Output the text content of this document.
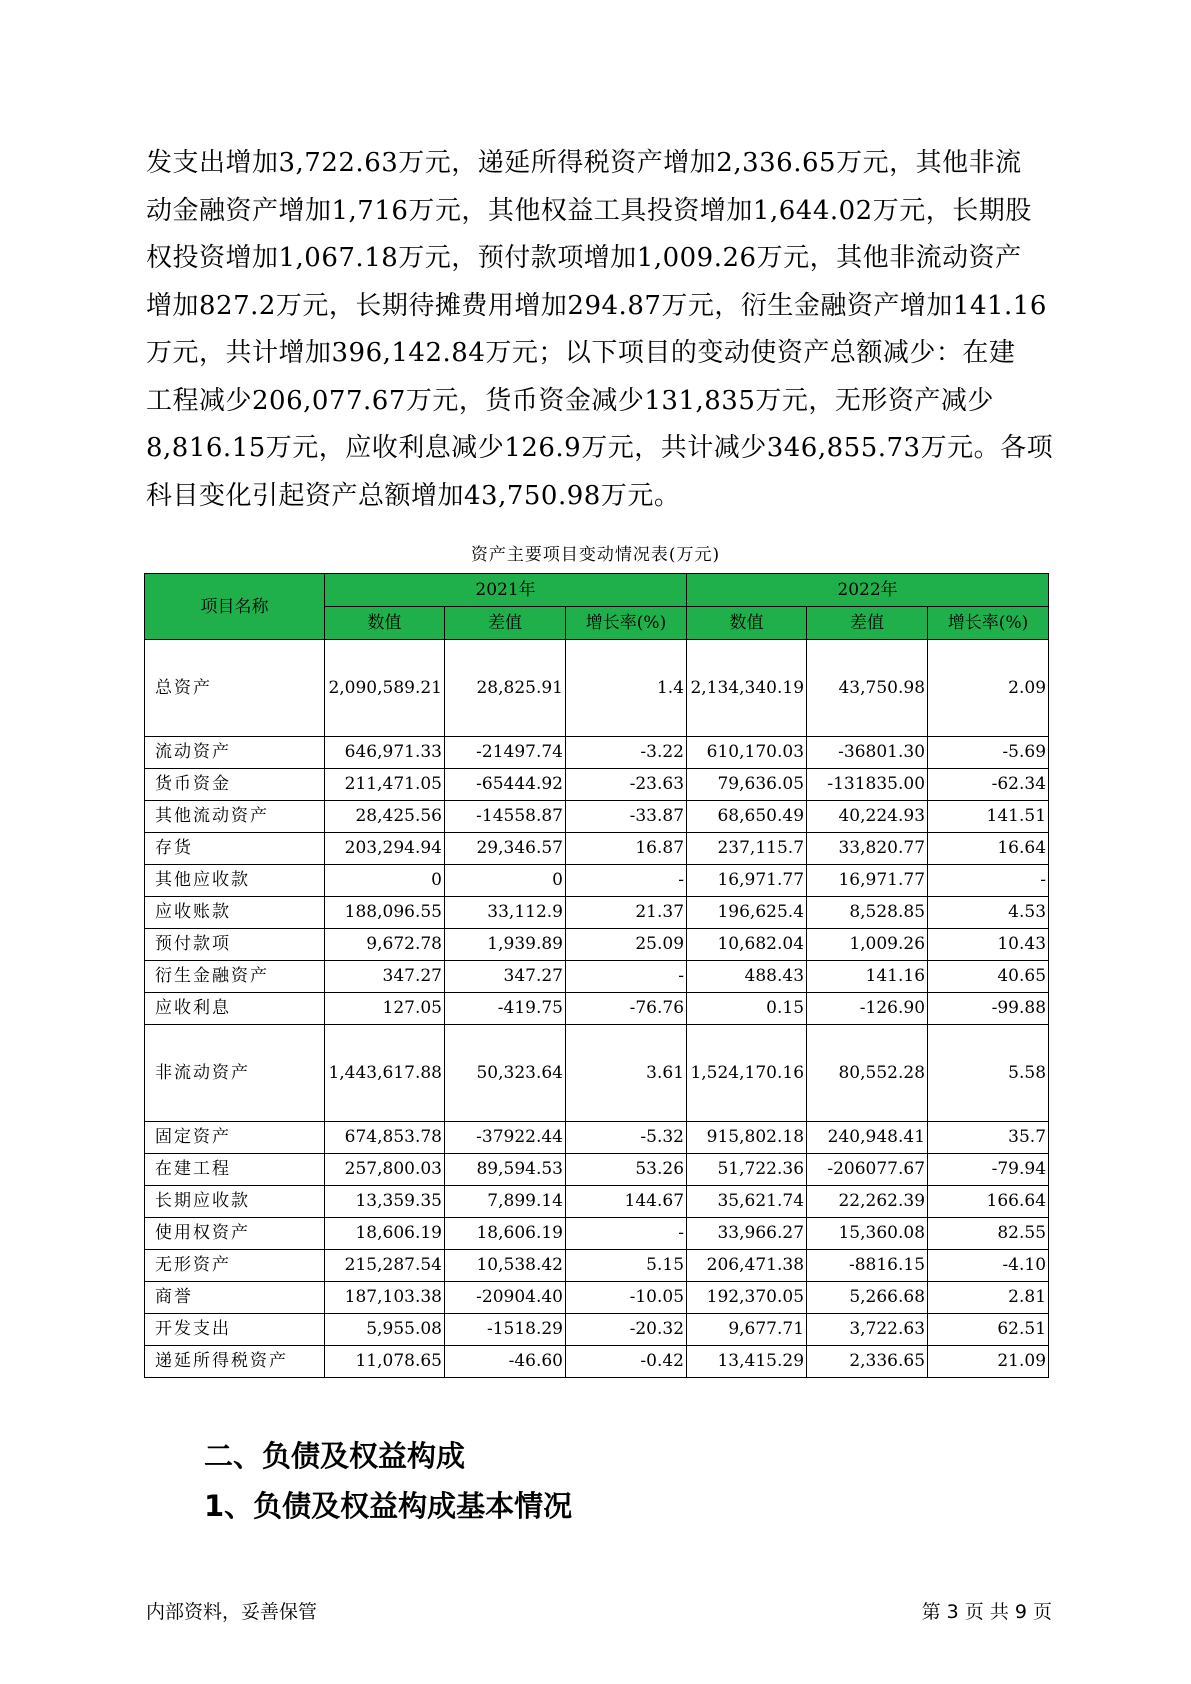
发支出增加3,722.63万元，递延所得税资产增加2,336.65万元，其他非流
动金融资产增加1,716万元，其他权益工具投资增加1,644.02万元，长期股
权投资增加1,067.18万元，预付款项增加1,009.26万元，其他非流动资产
增加827.2万元，长期待摊费用增加294.87万元，衍生金融资产增加141.16
万元，共计增加396,142.84万元；以下项目的变动使资产总额减少：在建
工程减少206,077.67万元，货币资金减少131,835万元，无形资产减少
8,816.15万元，应收利息减少126.9万元，共计减少346,855.73万元。各项
科目变化引起资产总额增加43,750.98万元。
资产主要项目变动情况表(万元)
项目名称	2021年			2022年		
	数值	差值	增长率(%)	数值	差值	增长率(%)
总资产	2,090,589.21	28,825.91	1.4	2,134,340.19	43,750.98	2.09
流动资产	646,971.33	-21497.74	-3.22	610,170.03	-36801.30	-5.69
货币资金	211,471.05	-65444.92	-23.63	79,636.05	-131835.00	-62.34
其他流动资产	28,425.56	-14558.87	-33.87	68,650.49	40,224.93	141.51
存货	203,294.94	29,346.57	16.87	237,115.7	33,820.77	16.64
其他应收款	0	0	-	16,971.77	16,971.77	-
应收账款	188,096.55	33,112.9	21.37	196,625.4	8,528.85	4.53
预付款项	9,672.78	1,939.89	25.09	10,682.04	1,009.26	10.43
衍生金融资产	347.27	347.27	-	488.43	141.16	40.65
应收利息	127.05	-419.75	-76.76	0.15	-126.90	-99.88
非流动资产	1,443,617.88	50,323.64	3.61	1,524,170.16	80,552.28	5.58
固定资产	674,853.78	-37922.44	-5.32	915,802.18	240,948.41	35.7
在建工程	257,800.03	89,594.53	53.26	51,722.36	-206077.67	-79.94
长期应收款	13,359.35	7,899.14	144.67	35,621.74	22,262.39	166.64
使用权资产	18,606.19	18,606.19	-	33,966.27	15,360.08	82.55
无形资产	215,287.54	10,538.42	5.15	206,471.38	-8816.15	-4.10
商誉	187,103.38	-20904.40	-10.05	192,370.05	5,266.68	2.81
开发支出	5,955.08	-1518.29	-20.32	9,677.71	3,722.63	62.51
递延所得税资产	11,078.65	-46.60	-0.42	13,415.29	2,336.65	21.09
二、负债及权益构成
1、负债及权益构成基本情况
内部资料，妥善保管	第 3 页 共 9 页
